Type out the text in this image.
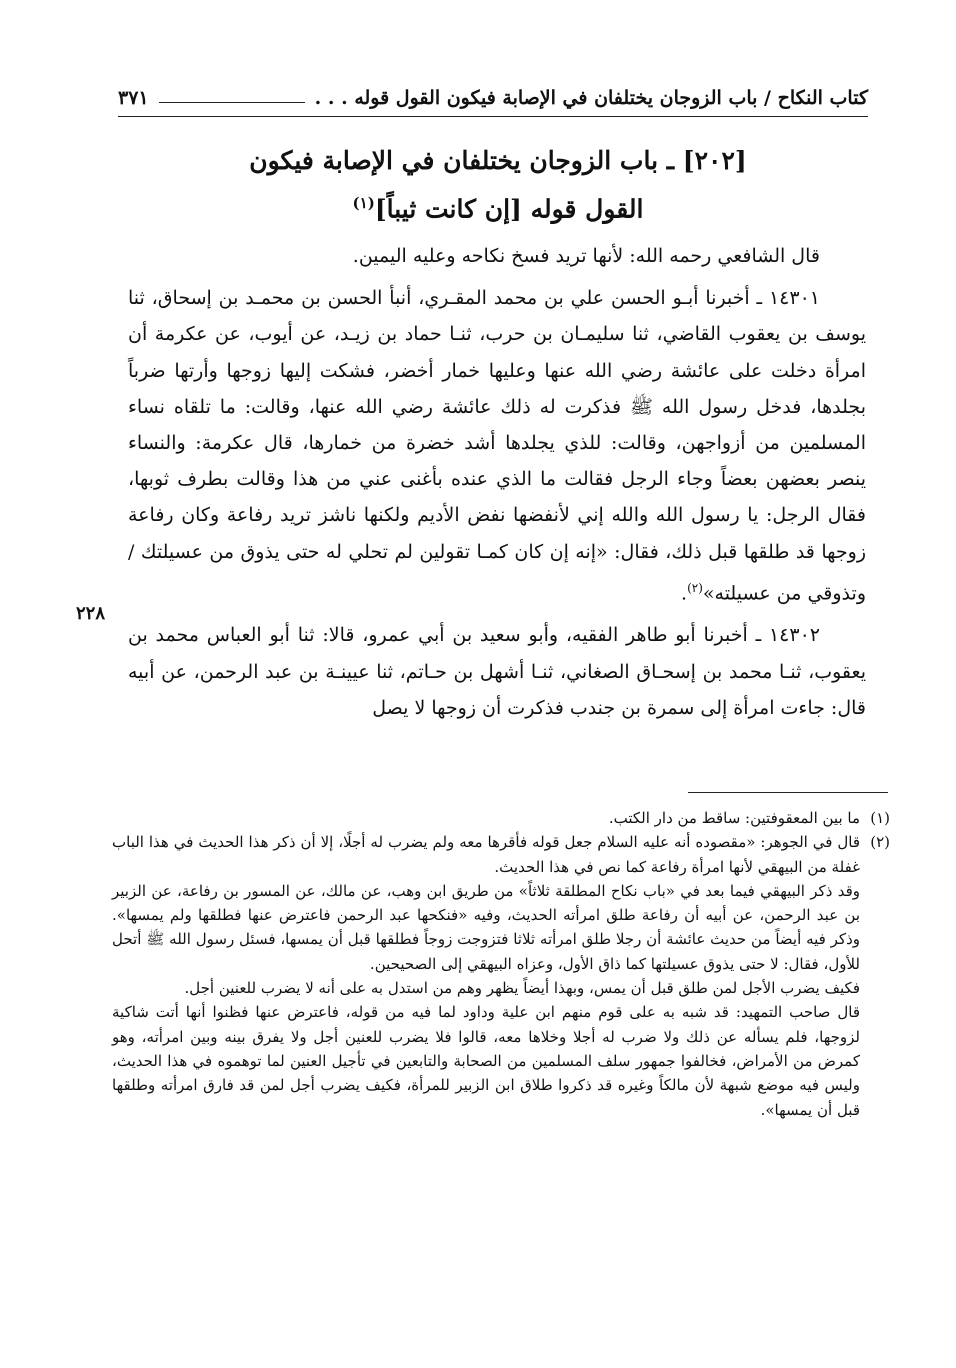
كتاب النكاح / باب الزوجان يختلفان في الإصابة فيكون القول قوله . . .
٣٧١
[٢٠٢] ـ باب الزوجان يختلفان في الإصابة فيكون
القول قوله [إن كانت ثيباً]$^{(١)}$

قال الشافعي رحمه الله: لأنها تريد فسخ نكاحه وعليه اليمين.

١٤٣٠١ ـ أخبرنا أبـو الحسن علي بن محمد المقـري، أنبأ الحسن بن محمـد بن إسحاق، ثنا يوسف بن يعقوب القاضي، ثنا سليمـان بن حرب، ثنـا حماد بن زيـد، عن أيوب، عن عكرمة أن امرأة دخلت على عائشة رضي الله عنها وعليها خمار أخضر، فشكت إليها زوجها وأرتها ضرباً بجلدها، فدخل رسول الله ﷺ فذكرت له ذلك عائشة رضي الله عنها، وقالت: ما تلقاه نساء المسلمين من أزواجهن، وقالت: للذي يجلدها أشد خضرة من خمارها، قال عكرمة: والنساء ينصر بعضهن بعضاً وجاء الرجل فقالت ما الذي عنده بأغنى عني من هذا وقالت بطرف ثوبها، فقال الرجل: يا رسول الله والله إني لأنفضها نفض الأديم ولكنها ناشز تريد رفاعة وكان رفاعة زوجها قد طلقها قبل ذلك، فقال: «إنه إن كان كمـا تقولين لم تحلي له حتى يذوق من عسيلتك / وتذوقي من عسيلته»$^{(٢)}$.

١٤٣٠٢ ـ أخبرنا أبو طاهر الفقيه، وأبو سعيد بن أبي عمرو، قالا: ثنا أبو العباس محمد بن يعقوب، ثنـا محمد بن إسحـاق الصغاني، ثنـا أشهل بن حـاتم، ثنا عيينـة بن عبد الرحمن، عن أبيه قال: جاءت امرأة إلى سمرة بن جندب فذكرت أن زوجها لا يصل

٢٢٨
(١)
ما بين المعقوفتين: ساقط من دار الكتب.
(٢)
قال في الجوهر: «مقصوده أنه عليه السلام جعل قوله فأقرها معه ولم يضرب له أجلًا، إلا أن ذكر هذا الحديث في هذا الباب غفلة من البيهقي لأنها امرأة رفاعة كما نص في هذا الحديث.

وقد ذكر البيهقي فيما بعد في «باب نكاح المطلقة ثلاثاً» من طريق ابن وهب، عن مالك، عن المسور بن رفاعة، عن الزبير بن عبد الرحمن، عن أبيه أن رفاعة طلق امرأته الحديث، وفيه «فنكحها عبد الرحمن فاعترض عنها فطلقها ولم يمسها». وذكر فيه أيضاً من حديث عائشة أن رجلا طلق امرأته ثلاثا فتزوجت زوجاً فطلقها قبل أن يمسها، فسئل رسول الله ﷺ أتحل للأول، فقال: لا حتى يذوق عسيلتها كما ذاق الأول، وعزاه البيهقي إلى الصحيحين.

فكيف يضرب الأجل لمن طلق قبل أن يمس، وبهذا أيضاً يظهر وهم من استدل به على أنه لا يضرب للعنين أجل.

قال صاحب التمهيد: قد شبه به على قوم منهم ابن علية وداود لما فيه من قوله، فاعترض عنها فظنوا أنها أتت شاكية لزوجها، فلم يسأله عن ذلك ولا ضرب له أجلا وخلاها معه، قالوا فلا يضرب للعنين أجل ولا يفرق بينه وبين امرأته، وهو كمرض من الأمراض، فخالفوا جمهور سلف المسلمين من الصحابة والتابعين في تأجيل العنين لما توهموه في هذا الحديث، وليس فيه موضع شبهة لأن مالكاً وغيره قد ذكروا طلاق ابن الزبير للمرأة، فكيف يضرب أجل لمن قد فارق امرأته وطلقها قبل أن يمسها».
